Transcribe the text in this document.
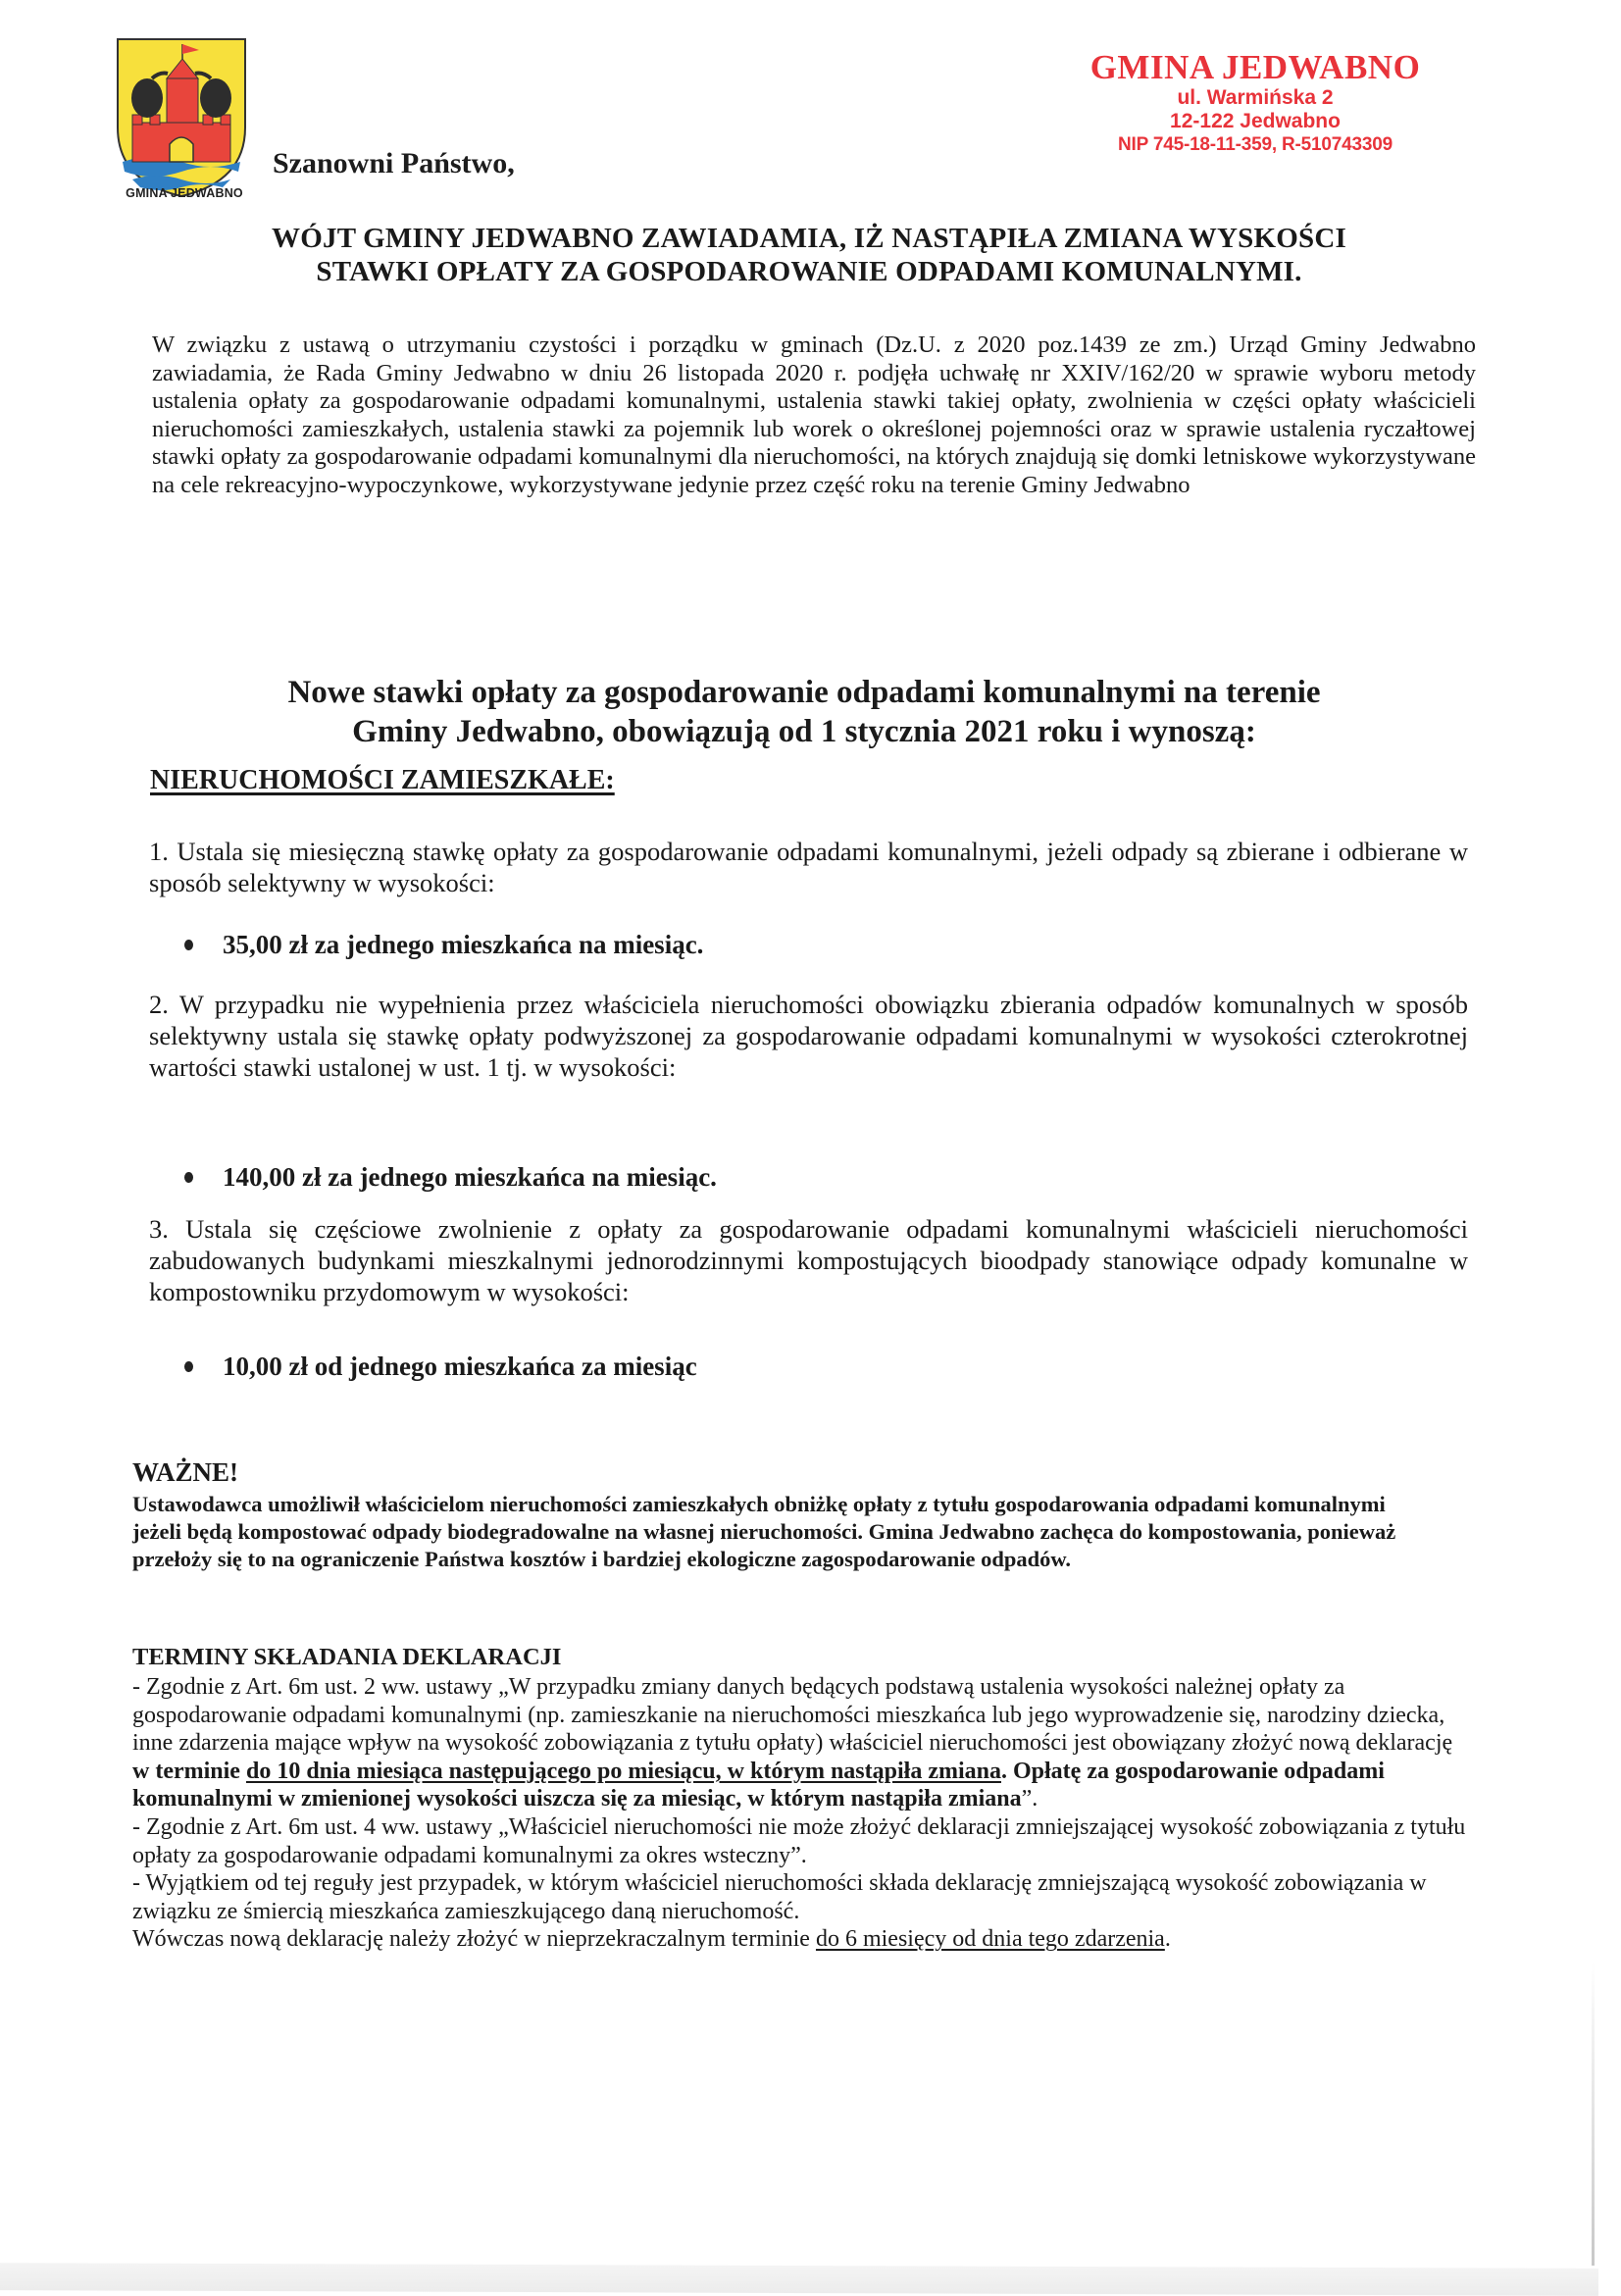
GMINA JEDWABNO
Szanowni Państwo,
GMINA JEDWABNO
ul. Warmińska 2
12-122 Jedwabno
NIP 745-18-11-359, R-510743309
WÓJT GMINY JEDWABNO ZAWIADAMIA, IŻ NASTĄPIŁA ZMIANA WYSKOŚCI
STAWKI OPŁATY ZA GOSPODAROWANIE ODPADAMI KOMUNALNYMI.
W związku z ustawą o utrzymaniu czystości i porządku w gminach (Dz.U. z 2020 poz.1439 ze zm.) Urząd Gminy Jedwabno zawiadamia, że Rada Gminy Jedwabno w dniu 26 listopada 2020 r. podjęła uchwałę nr XXIV/162/20 w sprawie wyboru metody ustalenia opłaty za gospodarowanie odpadami komunalnymi, ustalenia stawki takiej opłaty, zwolnienia w części opłaty właścicieli nieruchomości zamieszkałych, ustalenia stawki za pojemnik lub worek o określonej pojemności oraz w sprawie ustalenia ryczałtowej stawki opłaty za gospodarowanie odpadami komunalnymi dla nieruchomości, na których znajdują się domki letniskowe wykorzystywane na cele rekreacyjno-wypoczynkowe, wykorzystywane jedynie przez część roku na terenie Gminy Jedwabno
Nowe stawki opłaty za gospodarowanie odpadami komunalnymi na terenie
Gminy Jedwabno, obowiązują od 1 stycznia 2021 roku i wynoszą:
NIERUCHOMOŚCI ZAMIESZKAŁE:
1. Ustala się miesięczną stawkę opłaty za gospodarowanie odpadami komunalnymi, jeżeli odpady są zbierane i odbierane w sposób selektywny w wysokości:
35,00 zł za jednego mieszkańca na miesiąc.
2. W przypadku nie wypełnienia przez właściciela nieruchomości obowiązku zbierania odpadów komunalnych w sposób selektywny ustala się stawkę opłaty podwyższonej za gospodarowanie odpadami komunalnymi w wysokości czterokrotnej wartości stawki ustalonej w ust. 1 tj. w wysokości:
140,00 zł za jednego mieszkańca na miesiąc.
3. Ustala się częściowe zwolnienie z opłaty za gospodarowanie odpadami komunalnymi właścicieli nieruchomości zabudowanych budynkami mieszkalnymi jednorodzinnymi kompostujących bioodpady stanowiące odpady komunalne w kompostowniku przydomowym w wysokości:
10,00 zł od jednego mieszkańca za miesiąc
WAŻNE!
Ustawodawca umożliwił właścicielom nieruchomości zamieszkałych obniżkę opłaty z tytułu gospodarowania odpadami komunalnymi jeżeli będą kompostować odpady biodegradowalne na własnej nieruchomości. Gmina Jedwabno zachęca do kompostowania, ponieważ przełoży się to na ograniczenie Państwa kosztów i bardziej ekologiczne zagospodarowanie odpadów.
TERMINY SKŁADANIA DEKLARACJI
- Zgodnie z Art. 6m ust. 2 ww. ustawy „W przypadku zmiany danych będących podstawą ustalenia wysokości należnej opłaty za gospodarowanie odpadami komunalnymi (np. zamieszkanie na nieruchomości mieszkańca lub jego wyprowadzenie się, narodziny dziecka, inne zdarzenia mające wpływ na wysokość zobowiązania z tytułu opłaty) właściciel nieruchomości jest obowiązany złożyć nową deklarację w terminie do 10 dnia miesiąca następującego po miesiącu, w którym nastąpiła zmiana. Opłatę za gospodarowanie odpadami komunalnymi w zmienionej wysokości uiszcza się za miesiąc, w którym nastąpiła zmiana”.
- Zgodnie z Art. 6m ust. 4 ww. ustawy „Właściciel nieruchomości nie może złożyć deklaracji zmniejszającej wysokość zobowiązania z tytułu opłaty za gospodarowanie odpadami komunalnymi za okres wsteczny”.
- Wyjątkiem od tej reguły jest przypadek, w którym właściciel nieruchomości składa deklarację zmniejszającą wysokość zobowiązania w związku ze śmiercią mieszkańca zamieszkującego daną nieruchomość.
Wówczas nową deklarację należy złożyć w nieprzekraczalnym terminie do 6 miesięcy od dnia tego zdarzenia.
